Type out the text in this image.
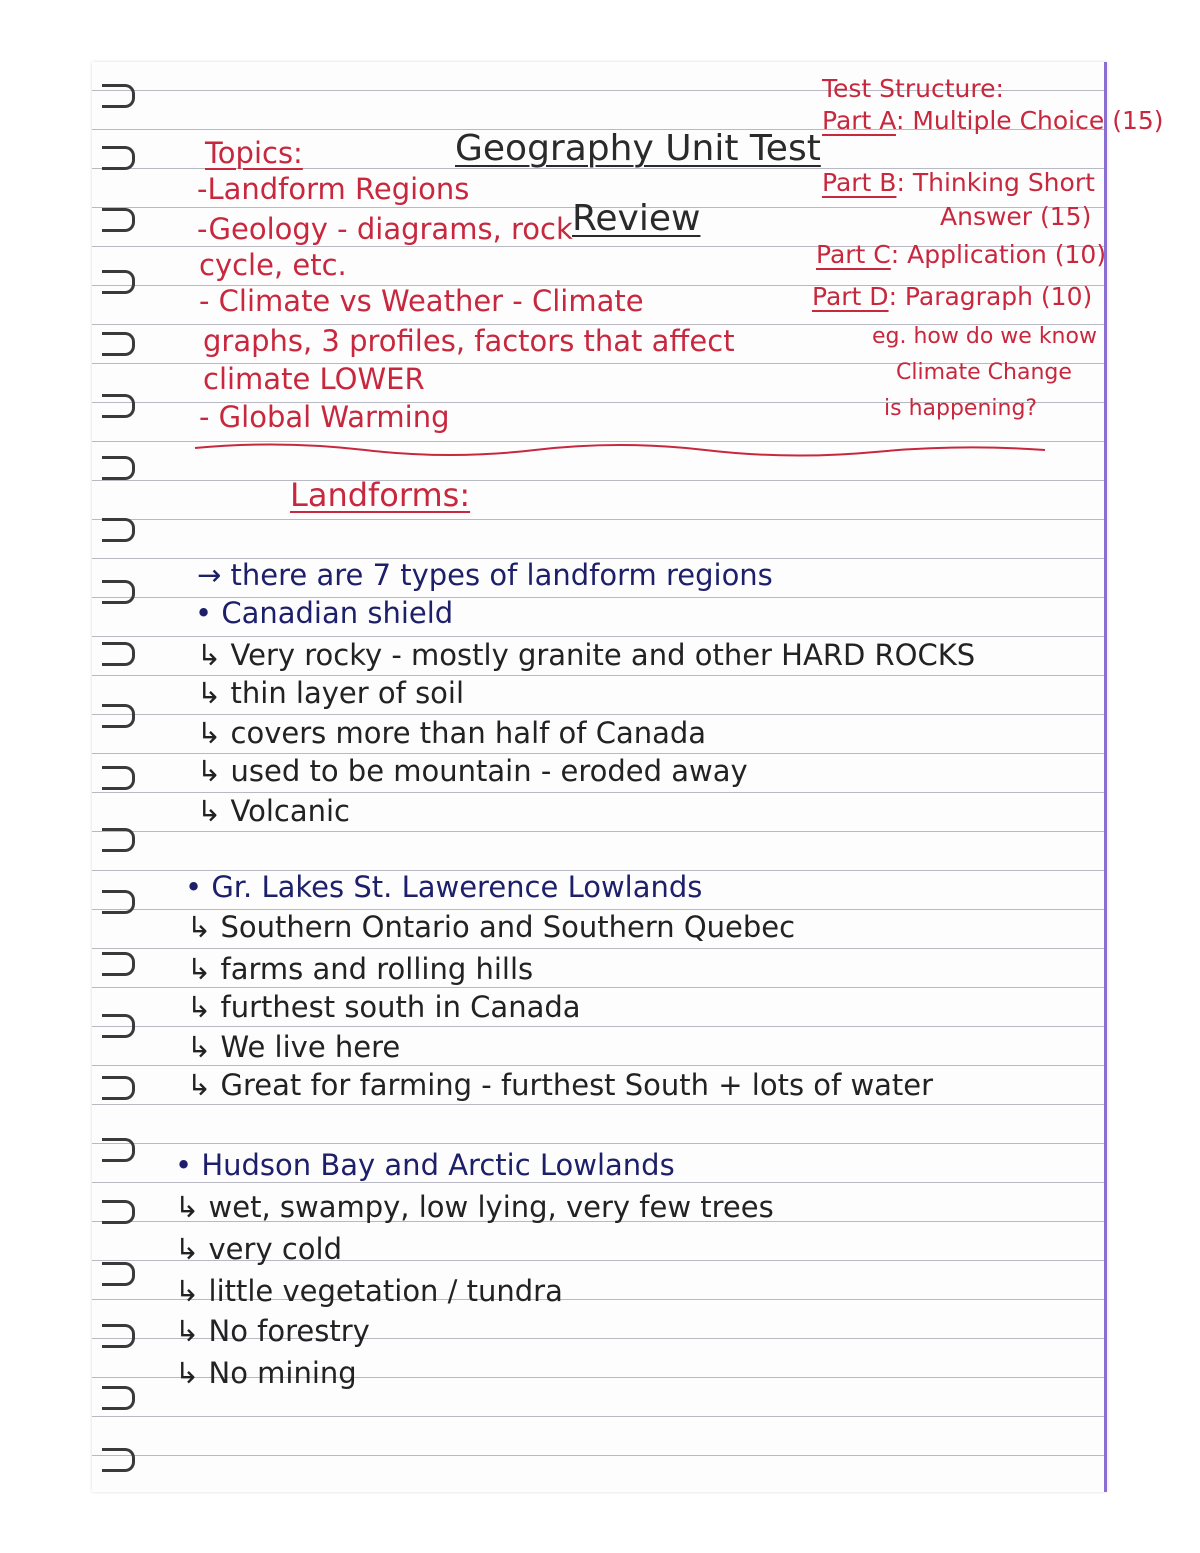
Geography Unit Test
Review
Topics:
-Landform Regions
-Geology - diagrams, rock
cycle, etc.
- Climate vs Weather - Climate
graphs, 3 profiles, factors that affect
climate LOWER
- Global Warming
Test Structure:
Part A: Multiple Choice (15)
Part B: Thinking Short
Answer (15)
Part C: Application (10)
Part D: Paragraph (10)
eg. how do we know
Climate Change
is happening?
Landforms:
→ there are 7 types of landform regions
• Canadian shield
↳ Very rocky - mostly granite and other HARD ROCKS
↳ thin layer of soil
↳ covers more than half of Canada
↳ used to be mountain - eroded away
↳ Volcanic
• Gr. Lakes St. Lawerence Lowlands
↳ Southern Ontario and Southern Quebec
↳ farms and rolling hills
↳ furthest south in Canada
↳ We live here
↳ Great for farming - furthest South + lots of water
• Hudson Bay and Arctic Lowlands
↳ wet, swampy, low lying, very few trees
↳ very cold
↳ little vegetation / tundra
↳ No forestry
↳ No mining
